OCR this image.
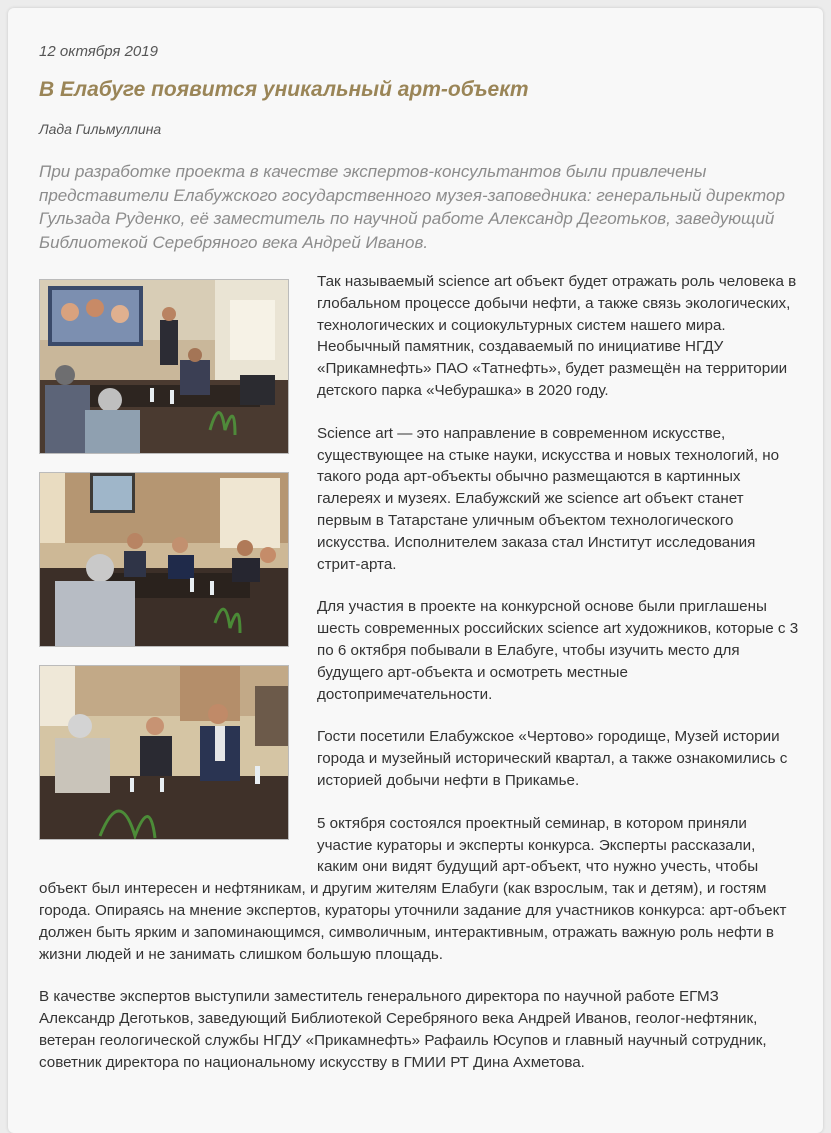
12 октября 2019
В Елабуге появится уникальный арт-объект
Лада Гильмуллина
При разработке проекта в качестве экспертов-консультантов были привлечены представители Елабужского государственного музея-заповедника: генеральный директор Гульзада Руденко, её заместитель по научной работе Александр Деготьков, заведующий Библиотекой Серебряного века Андрей Иванов.

Так называемый science art объект будет отражать роль человека в глобальном процессе добычи нефти, а также связь экологических, технологических и социокультурных систем нашего мира. Необычный памятник, создаваемый по инициативе НГДУ «Прикамнефть» ПАО «Татнефть», будет размещён на территории детского парка «Чебурашка» в 2020 году.

Science art — это направление в современном искусстве, существующее на стыке науки, искусства и новых технологий, но такого рода арт-объекты обычно размещаются в картинных галереях и музеях. Елабужский же science art объект станет первым в Татарстане уличным объектом технологического искусства. Исполнителем заказа стал Институт исследования стрит-арта.

Для участия в проекте на конкурсной основе были приглашены шесть современных российских science art художников, которые с 3 по 6 октября побывали в Елабуге, чтобы изучить место для будущего арт-объекта и осмотреть местные достопримечательности.

Гости посетили Елабужское «Чертово» городище, Музей истории города и музейный исторический квартал, а также ознакомились с историей добычи нефти в Прикамье.

5 октября состоялся проектный семинар, в котором приняли участие кураторы и эксперты конкурса. Эксперты рассказали, каким они видят будущий арт-объект, что нужно учесть, чтобы объект был интересен и нефтяникам, и другим жителям Елабуги (как взрослым, так и детям), и гостям города. Опираясь на мнение экспертов, кураторы уточнили задание для участников конкурса: арт-объект должен быть ярким и запоминающимся, символичным, интерактивным, отражать важную роль нефти в жизни людей и не занимать слишком большую площадь.

В качестве экспертов выступили заместитель генерального директора по научной работе ЕГМЗ Александр Деготьков, заведующий Библиотекой Серебряного века Андрей Иванов, геолог-нефтяник, ветеран геологической службы НГДУ «Прикамнефть» Рафаиль Юсупов и главный научный сотрудник, советник директора по национальному искусству в ГМИИ РТ Дина Ахметова.
